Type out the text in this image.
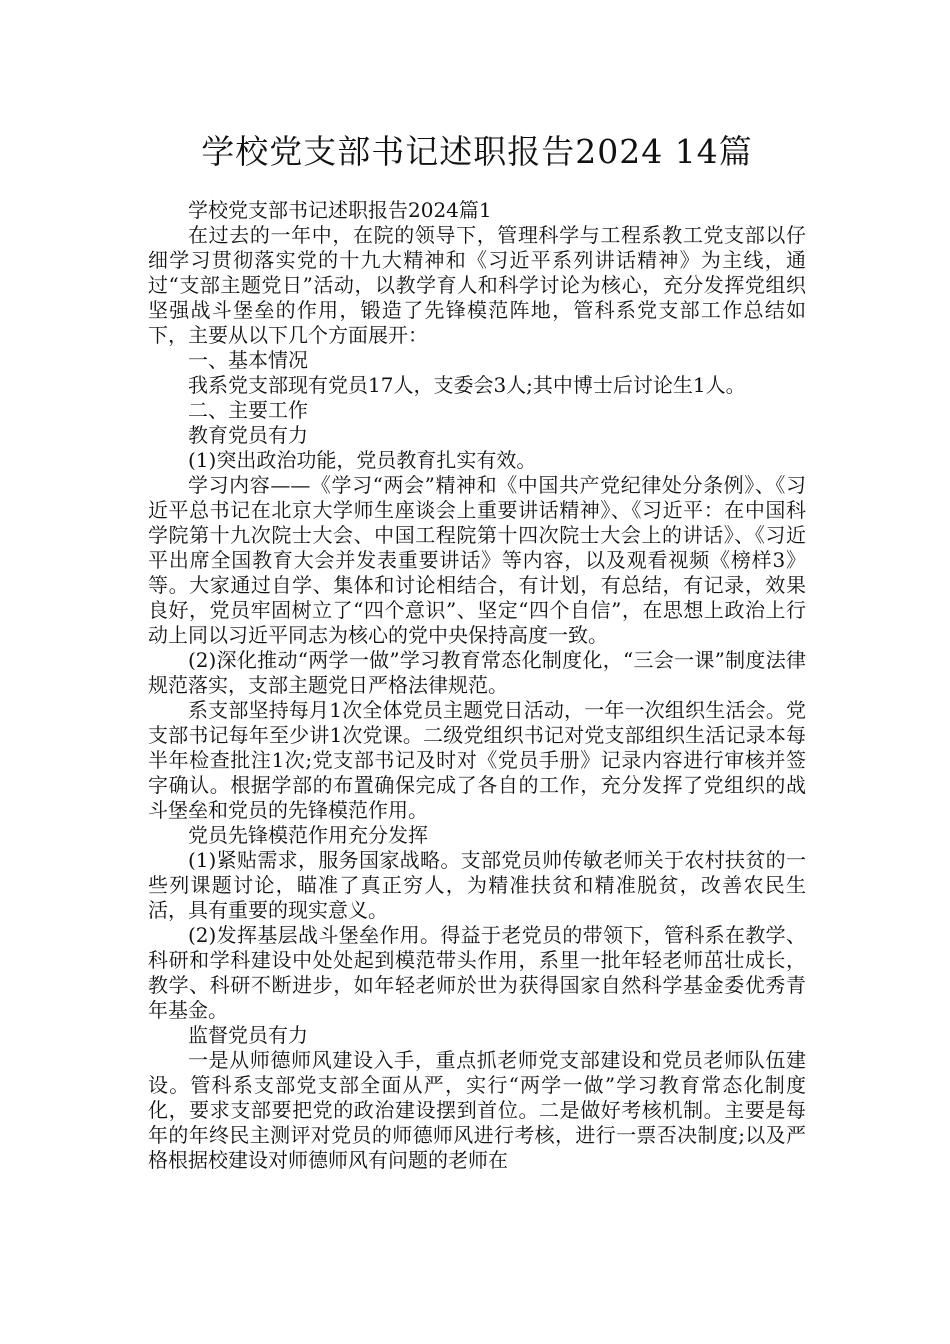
学校党支部书记述职报告2024 14篇

学校党支部书记述职报告2024篇1

在过去的一年中，在院的领导下，管理科学与工程系教工党支部以仔细学习贯彻落实党的十九大精神和《习近平系列讲话精神》为主线，通过“支部主题党日”活动，以教学育人和科学讨论为核心，充分发挥党组织坚强战斗堡垒的作用，锻造了先锋模范阵地，管科系党支部工作总结如下，主要从以下几个方面展开：

一、基本情况

我系党支部现有党员17人，支委会3人;其中博士后讨论生1人。

二、主要工作

教育党员有力

(1)突出政治功能，党员教育扎实有效。

学习内容——《学习“两会”精神和《中国共产党纪律处分条例》、《习近平总书记在北京大学师生座谈会上重要讲话精神》、《习近平：在中国科学院第十九次院士大会、中国工程院第十四次院士大会上的讲话》、《习近平出席全国教育大会并发表重要讲话》等内容，以及观看视频《榜样3》等。大家通过自学、集体和讨论相结合，有计划，有总结，有记录，效果良好，党员牢固树立了“四个意识”、坚定“四个自信”，在思想上政治上行动上同以习近平同志为核心的党中央保持高度一致。

(2)深化推动“两学一做”学习教育常态化制度化，“三会一课”制度法律规范落实，支部主题党日严格法律规范。

系支部坚持每月1次全体党员主题党日活动，一年一次组织生活会。党支部书记每年至少讲1次党课。二级党组织书记对党支部组织生活记录本每半年检查批注1次;党支部书记及时对《党员手册》记录内容进行审核并签字确认。根据学部的布置确保完成了各自的工作，充分发挥了党组织的战斗堡垒和党员的先锋模范作用。

党员先锋模范作用充分发挥

(1)紧贴需求，服务国家战略。支部党员帅传敏老师关于农村扶贫的一些列课题讨论，瞄准了真正穷人，为精准扶贫和精准脱贫，改善农民生活，具有重要的现实意义。

(2)发挥基层战斗堡垒作用。得益于老党员的带领下，管科系在教学、科研和学科建设中处处起到模范带头作用，系里一批年轻老师茁壮成长，教学、科研不断进步，如年轻老师於世为获得国家自然科学基金委优秀青年基金。

监督党员有力

一是从师德师风建设入手，重点抓老师党支部建设和党员老师队伍建设。管科系支部党支部全面从严，实行“两学一做”学习教育常态化制度化，要求支部要把党的政治建设摆到首位。二是做好考核机制。主要是每年的年终民主测评对党员的师德师风进行考核，进行一票否决制度;以及严格根据校建设对师德师风有问题的老师在
